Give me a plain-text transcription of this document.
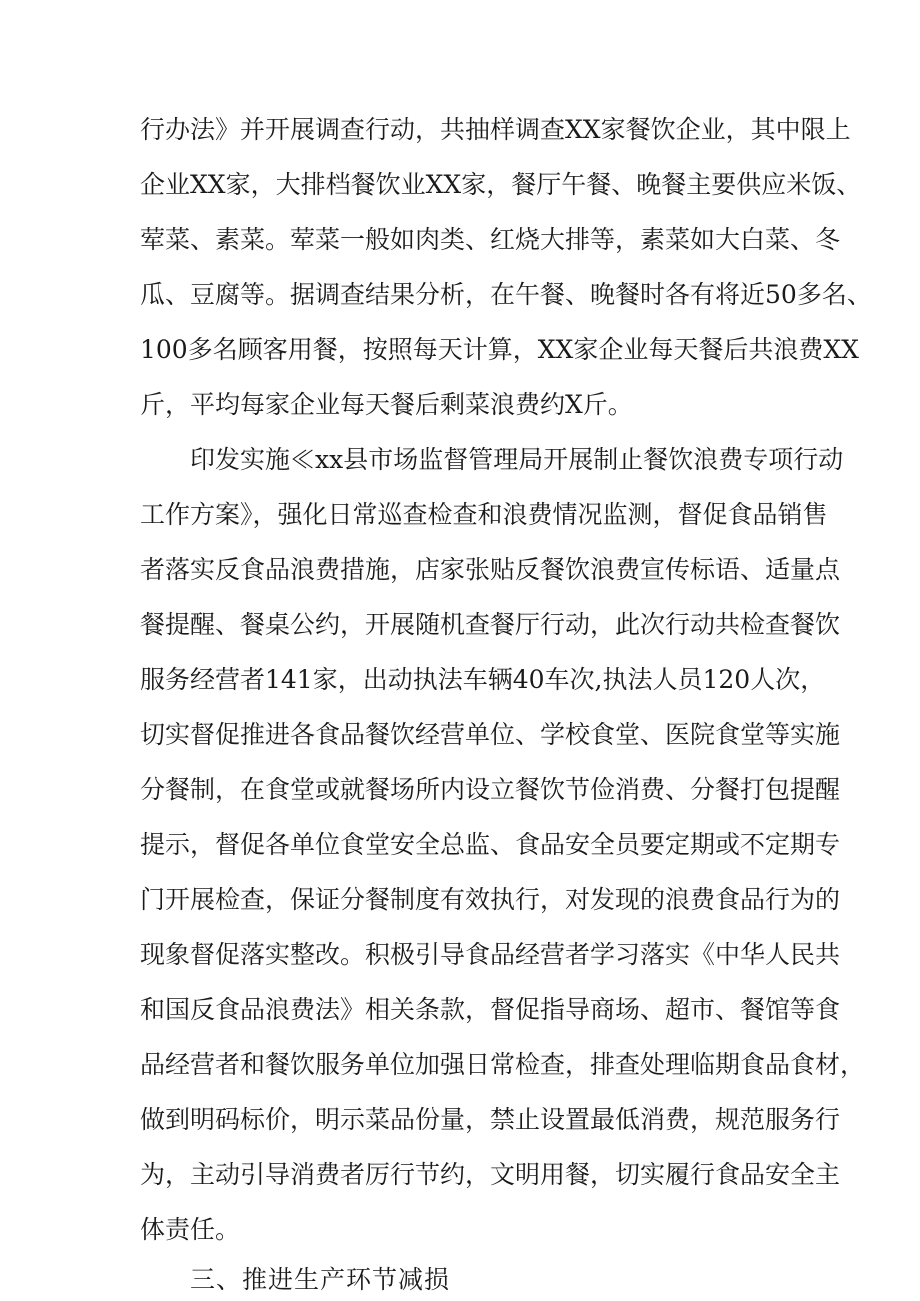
行办法》并开展调查行动，共抽样调查XX家餐饮企业，其中限上
企业XX家，大排档餐饮业XX家，餐厅午餐、晚餐主要供应米饭、
荤菜、素菜。荤菜一般如肉类、红烧大排等，素菜如大白菜、冬
瓜、豆腐等。据调查结果分析，在午餐、晚餐时各有将近50多名、
100多名顾客用餐，按照每天计算，XX家企业每天餐后共浪费XX
斤，平均每家企业每天餐后剩菜浪费约X斤。
印发实施≪xx县市场监督管理局开展制止餐饮浪费专项行动
工作方案》，强化日常巡查检查和浪费情况监测，督促食品销售
者落实反食品浪费措施，店家张贴反餐饮浪费宣传标语、适量点
餐提醒、餐桌公约，开展随机查餐厅行动，此次行动共检查餐饮
服务经营者141家，出动执法车辆40车次,执法人员120人次，
切实督促推进各食品餐饮经营单位、学校食堂、医院食堂等实施
分餐制，在食堂或就餐场所内设立餐饮节俭消费、分餐打包提醒
提示，督促各单位食堂安全总监、食品安全员要定期或不定期专
门开展检查，保证分餐制度有效执行，对发现的浪费食品行为的
现象督促落实整改。积极引导食品经营者学习落实《中华人民共
和国反食品浪费法》相关条款，督促指导商场、超市、餐馆等食
品经营者和餐饮服务单位加强日常检查，排查处理临期食品食材，
做到明码标价，明示菜品份量，禁止设置最低消费，规范服务行
为，主动引导消费者厉行节约，文明用餐，切实履行食品安全主
体责任。
三、推进生产环节减损
